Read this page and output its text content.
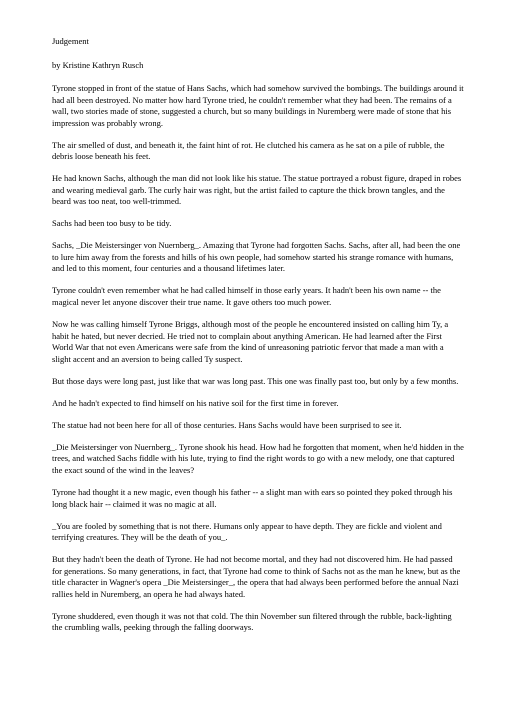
Judgement

by Kristine Kathryn Rusch

Tyrone stopped in front of the statue of Hans Sachs, which had somehow survived the bombings. The buildings around it had all been destroyed. No matter how hard Tyrone tried, he couldn't remember what they had been. The remains of a wall, two stories made of stone, suggested a church, but so many buildings in Nuremberg were made of stone that his impression was probably wrong.

The air smelled of dust, and beneath it, the faint hint of rot. He clutched his camera as he sat on a pile of rubble, the debris loose beneath his feet.

He had known Sachs, although the man did not look like his statue. The statue portrayed a robust figure, draped in robes and wearing medieval garb. The curly hair was right, but the artist failed to capture the thick brown tangles, and the beard was too neat, too well-trimmed.

Sachs had been too busy to be tidy.

Sachs, _Die Meistersinger von Nuernberg_. Amazing that Tyrone had forgotten Sachs. Sachs, after all, had been the one to lure him away from the forests and hills of his own people, had somehow started his strange romance with humans, and led to this moment, four centuries and a thousand lifetimes later.

Tyrone couldn't even remember what he had called himself in those early years. It hadn't been his own name -- the magical never let anyone discover their true name. It gave others too much power.

Now he was calling himself Tyrone Briggs, although most of the people he encountered insisted on calling him Ty, a habit he hated, but never decried. He tried not to complain about anything American. He had learned after the First World War that not even Americans were safe from the kind of unreasoning patriotic fervor that made a man with a slight accent and an aversion to being called Ty suspect.

But those days were long past, just like that war was long past. This one was finally past too, but only by a few months.

And he hadn't expected to find himself on his native soil for the first time in forever.

The statue had not been here for all of those centuries. Hans Sachs would have been surprised to see it.

_Die Meistersinger von Nuernberg_. Tyrone shook his head. How had he forgotten that moment, when he'd hidden in the trees, and watched Sachs fiddle with his lute, trying to find the right words to go with a new melody, one that captured the exact sound of the wind in the leaves?

Tyrone had thought it a new magic, even though his father -- a slight man with ears so pointed they poked through his long black hair -- claimed it was no magic at all.

_You are fooled by something that is not there. Humans only appear to have depth. They are fickle and violent and terrifying creatures. They will be the death of you_.

But they hadn't been the death of Tyrone. He had not become mortal, and they had not discovered him. He had passed for generations. So many generations, in fact, that Tyrone had come to think of Sachs not as the man he knew, but as the title character in Wagner's opera _Die Meistersinger_, the opera that had always been performed before the annual Nazi rallies held in Nuremberg, an opera he had always hated.

Tyrone shuddered, even though it was not that cold. The thin November sun filtered through the rubble, back-lighting the crumbling walls, peeking through the falling doorways.
